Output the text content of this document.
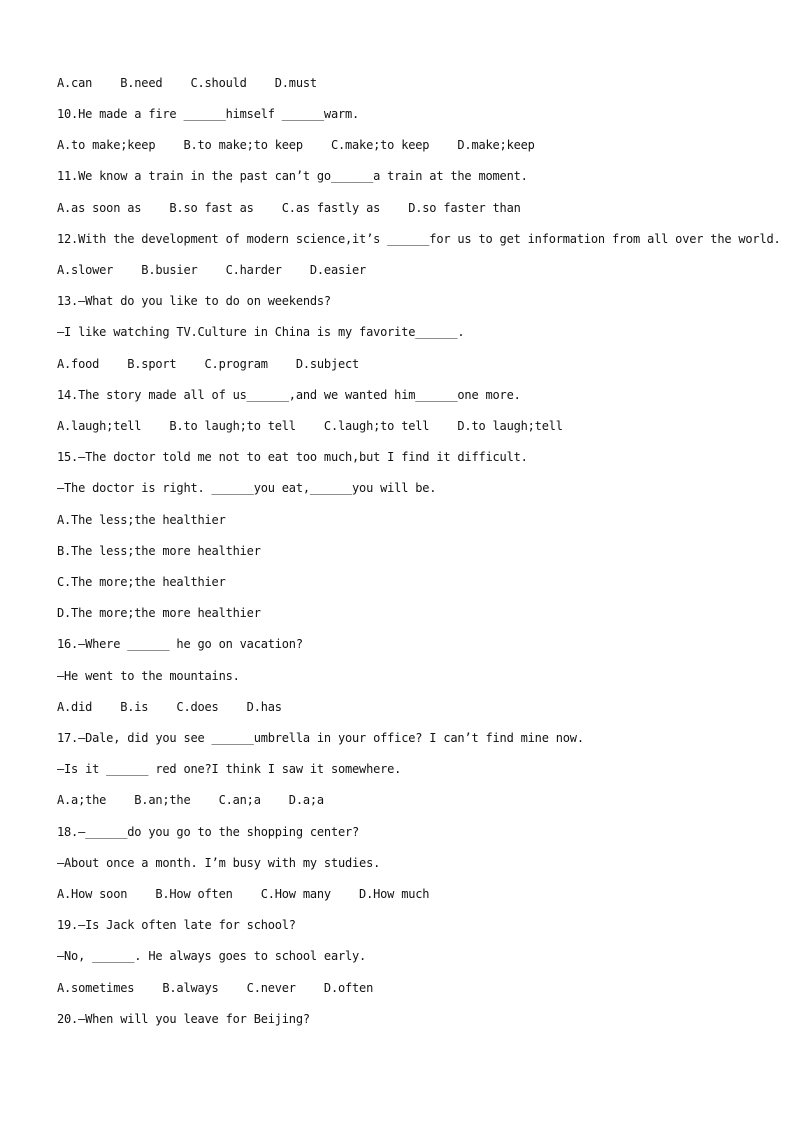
A.can    B.need    C.should    D.must
10.He made a fire ______himself ______warm.
A.to make;keep    B.to make;to keep    C.make;to keep    D.make;keep
11.We know a train in the past can’t go______a train at the moment.
A.as soon as    B.so fast as    C.as fastly as    D.so faster than
12.With the development of modern science,it’s ______for us to get information from all over the world.
A.slower    B.busier    C.harder    D.easier
13.—What do you like to do on weekends?
—I like watching TV.Culture in China is my favorite______.
A.food    B.sport    C.program    D.subject
14.The story made all of us______,and we wanted him______one more.
A.laugh;tell    B.to laugh;to tell    C.laugh;to tell    D.to laugh;tell
15.—The doctor told me not to eat too much,but I find it difficult.
—The doctor is right. ______you eat,______you will be.
A.The less;the healthier
B.The less;the more healthier
C.The more;the healthier
D.The more;the more healthier
16.—Where ______ he go on vacation?
—He went to the mountains.
A.did    B.is    C.does    D.has
17.—Dale, did you see ______umbrella in your office? I can’t find mine now.
—Is it ______ red one?I think I saw it somewhere.
A.a;the    B.an;the    C.an;a    D.a;a
18.—______do you go to the shopping center?
—About once a month. I’m busy with my studies.
A.How soon    B.How often    C.How many    D.How much
19.—Is Jack often late for school?
—No, ______. He always goes to school early.
A.sometimes    B.always    C.never    D.often
20.—When will you leave for Beijing?
